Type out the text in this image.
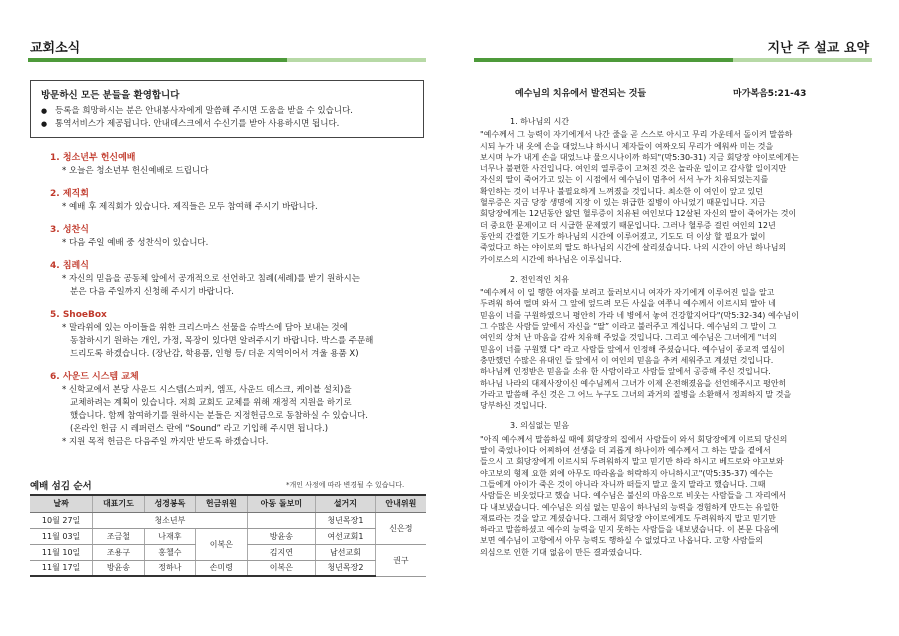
교회소식
방문하신 모든 분들을 환영합니다
● 등록을 희망하시는 분은 안내봉사자에게 말씀해 주시면 도움을 받을 수 있습니다.
● 통역서비스가 제공됩니다. 안내데스크에서 수신기를 받아 사용하시면 됩니다.
1. 청소년부 헌신예배

* 오늘은 청소년부 헌신예배로 드립니다

2. 제직회

* 예배 후 제직회가 있습니다. 제직들은 모두 참여해 주시기 바랍니다.

3. 성찬식

* 다음 주일 예배 중 성찬식이 있습니다.

4. 침례식

* 자신의 믿음을 공동체 앞에서 공개적으로 선언하고 침례(세례)를 받기 원하시는

분은 다음 주일까지 신청해 주시기 바랍니다.

5. ShoeBox

* 말라위에 있는 아이들을 위한 크리스마스 선물을 슈박스에 담아 보내는 것에

동참하시기 원하는 개인, 가정, 목장이 있다면 알려주시기 바랍니다. 박스를 주문해

드리도록 하겠습니다. (장난감, 학용품, 인형 등/ 더운 지역이어서 겨울 용품 X)

6. 사운드 시스템 교체

* 신학교에서 본당 사운드 시스템(스피커, 엠프, 사운드 데스크, 케이블 설치)을

교체하려는 계획이 있습니다. 저희 교회도 교체를 위해 재정적 지원을 하기로

했습니다. 함께 참여하기를 원하시는 분들은 지정헌금으로 동참하실 수 있습니다.

(온라인 헌금 시 레퍼런스 란에 “Sound” 라고 기입해 주시면 됩니다.)

* 지원 목적 헌금은 다음주일 까지만 받도록 하겠습니다.

예배 섬김 순서	*개인 사정에 따라 변경될 수 있습니다.
날짜	대표기도	성경봉독	헌금위원	아동 돌보미	설거지	안내위원
10월 27일	청소년부				청년목장1	신은정
11월 03일	조금철	나재후	이복은	방윤송	여선교회1	
11월 10일	조용구	홍첼수		김지연	남선교회	권구
11월 17일	방윤송	정하나	손미령	이복은	청년목장2	
지난 주 설교 요약
예수님의 치유에서 발견되는 것들	마가복음5:21-43
1. 하나님의 시간
"예수께서 그 능력이 자기에게서 나간 줄을 곧 스스로 아시고 무리 가운데서 돌이켜 말씀하
시되 누가 내 옷에 손을 대었느냐 하시니 제자들이 여짜오되 무리가 에워싸 미는 것을
보시며 누가 내게 손을 대었느냐 물으시나이까 하되"(막5:30-31) 지금 회당장 야이로에게는
너무나 불편한 사건입니다. 여인의 열루증이 고쳐진 것은 놀라운 일이고 감사할 일이지만
자신의 딸이 죽어가고 있는 이 시점에서 예수님이 멈추어 서서 누가 치유되었는지를
확인하는 것이 너무나 불필요하게 느껴졌을 것입니다. 최소한 이 여인이 앞고 있던
혈루증은 지금 당장 생명에 지장 이 있는 위급한 질병이 아니었기 때문입니다. 지금
회당장에게는 12년동안 앓던 혈루증이 치유된 여인보다 12살된 자신의 딸이 죽어가는 것이
더 중요한 문제이고 더 시급한 문제였기 때문입니다. 그러나 혈루증 걸린 여인의 12년
동안의 간절한 기도가 하나님의 시간에 이루어졌고, 기도도 더 이상 할 필요가 없이
죽었다고 하는 야이로의 딸도 하나님의 시간에 살리셨습니다. 나의 시간이 아닌 하나님의
카이로스의 시간에 하나님은 이루십니다.
2. 전인적인 치유
"예수께서 이 일 행한 여자를 보려고 둘러보시니 여자가 자기에게 이루어진 일을 알고
두려워 하여 떨며 와서 그 앞에 엎드려 모든 사실을 여쭈니 예수께서 이르시되 딸아 네
믿음이 너를 구원하였으니 평안히 가라 네 병에서 놓여 건강할지어다"(막5:32-34) 예수님이
그 수많은 사람들 앞에서 자신을 “딸” 이라고 불러주고 계십니다. 예수님의 그 말이 그
여인의 상처 난 마음을 감싸 치유해 주었을 것입니다. 그리고 예수님은 그녀에게 "너의
믿음이 너를 구원했 다" 라고 사람들 앞에서 인정해 주셨습니다. 예수님이 종교적 열심이
충만했던 수많은 유대인 들 앞에서 이 여인의 믿음을 추켜 세워주고 계셨던 것입니다.
하나님께 인정받은 믿음을 소유 한 사람이라고 사람들 앞에서 공증해 주신 것입니다.
하나님 나라의 대제사장이신 예수님께서 그녀가 이제 온전해졌음을 선언해주시고 평안히
가라고 말씀해 주신 것은 그 어느 누구도 그녀의 과거의 질병을 소환해서 정죄하지 말 것을
당부하신 것입니다.
3. 의심없는 믿음
"아직 예수께서 말씀하실 때에 회당장의 집에서 사람들이 와서 회당장에게 이르되 당신의
딸이 죽었나이다 어찌하여 선생을 더 괴롭게 하나이까 예수께서 그 하는 말을 곁에서
들으시 고 회당장에게 이르시되 두려워하지 말고 믿기만 하라 하시고 베드로와 야고보와
야고보의 형제 요한 외에 아무도 따라옴을 허락하지 아니하시고"(막5:35-37) 예수는
그들에게 아이가 죽은 것이 아니라 자니까 떠들지 말고 울지 말라고 했습니다. 그때
사람들은 비웃었다고 했습 니다. 예수님은 불신의 마음으로 비웃는 사람들을 그 자리에서
다 내보냈습니다. 예수님은 의심 없는 믿음이 하나님의 능력을 경험하게 만드는 유일한
재료라는 것을 알고 계셨습니다. 그래서 회당장 야이로에게도 두려워하지 말고 믿기만
하라고 말씀하셨고 예수의 능력을 믿지 못하는 사람들을 내보냈습니다. 이 본문 다음에
보면 예수님이 고향에서 아무 능력도 행하실 수 없었다고 나옵니다. 고향 사람들의
의심으로 인한 기대 없음이 만든 결과였습니다.
